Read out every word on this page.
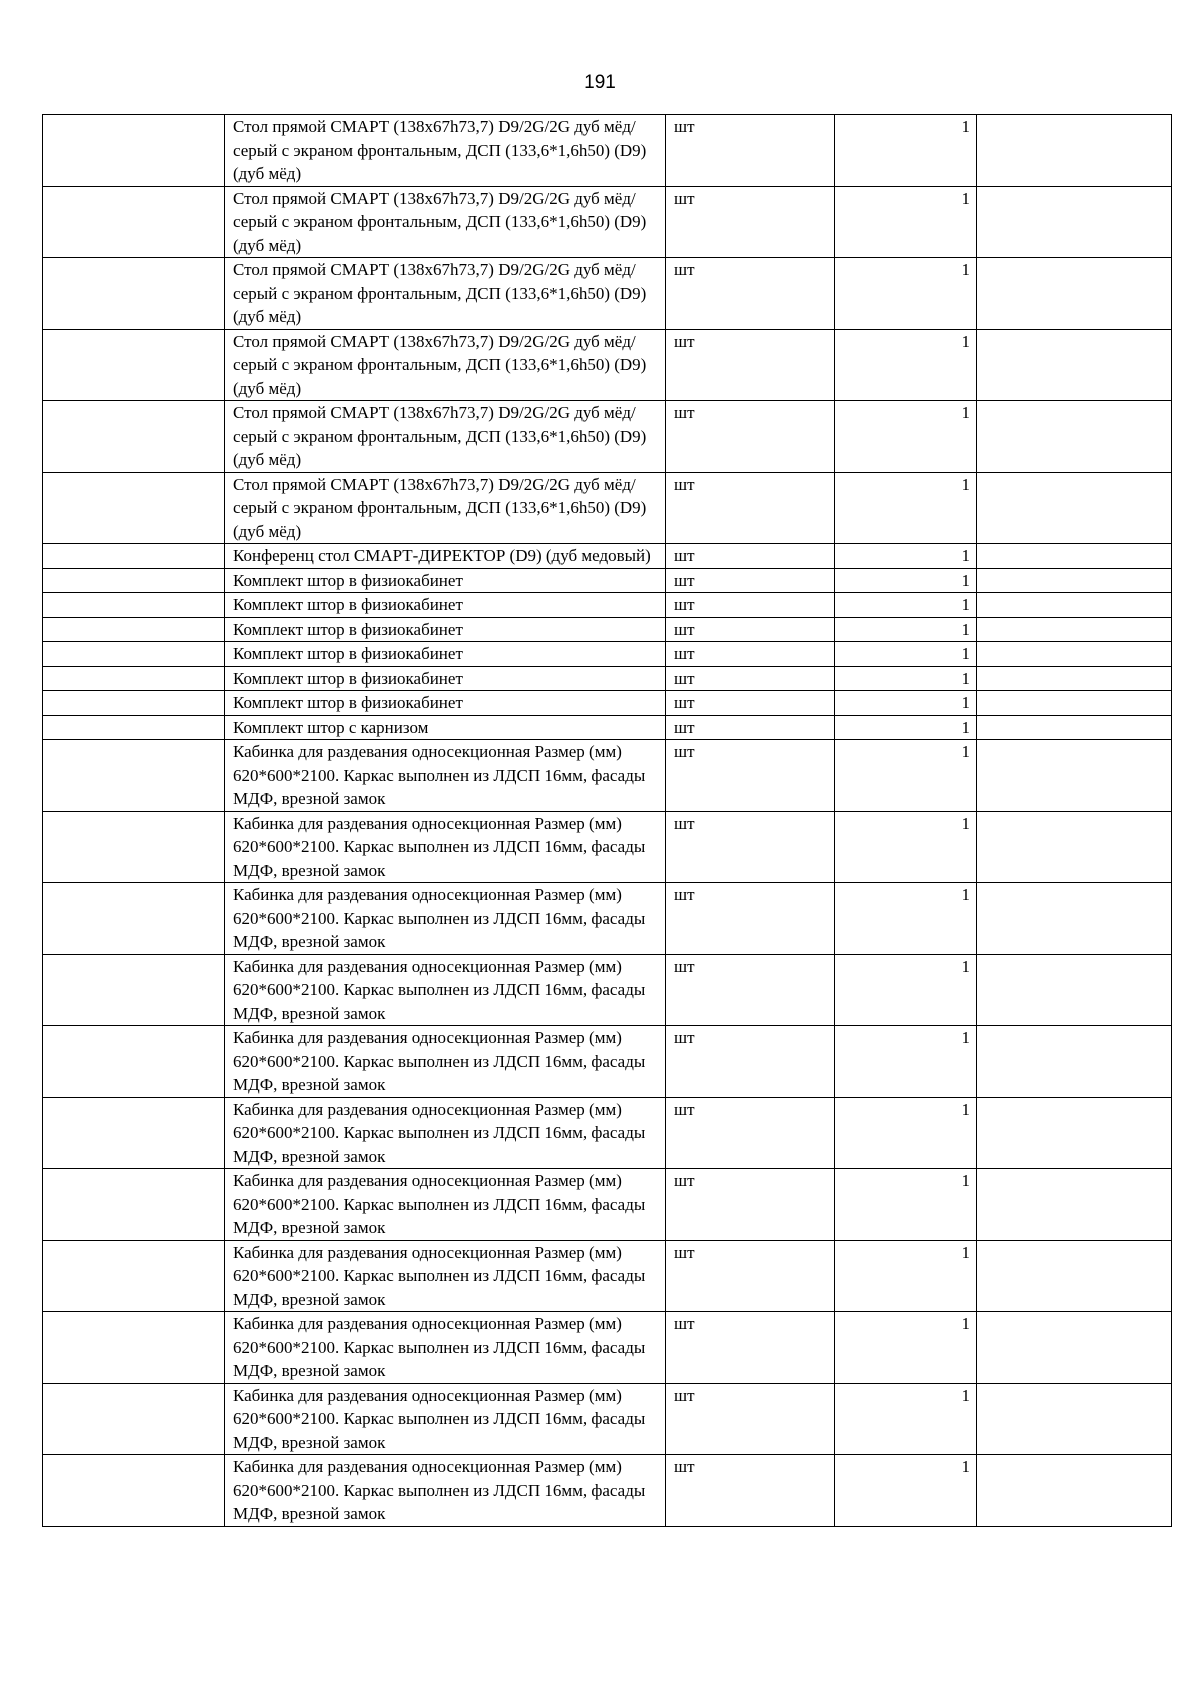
191
	Стол прямой СМАРТ (138х67h73,7) D9/2G/2G дуб мёд/серый с экраном фронтальным, ДСП (133,6*1,6h50) (D9)(дуб мёд)	шт	1	
	Стол прямой СМАРТ (138х67h73,7) D9/2G/2G дуб мёд/серый с экраном фронтальным, ДСП (133,6*1,6h50) (D9)(дуб мёд)	шт	1	
	Стол прямой СМАРТ (138х67h73,7) D9/2G/2G дуб мёд/серый с экраном фронтальным, ДСП (133,6*1,6h50) (D9)(дуб мёд)	шт	1	
	Стол прямой СМАРТ (138х67h73,7) D9/2G/2G дуб мёд/серый с экраном фронтальным, ДСП (133,6*1,6h50) (D9)(дуб мёд)	шт	1	
	Стол прямой СМАРТ (138х67h73,7) D9/2G/2G дуб мёд/серый с экраном фронтальным, ДСП (133,6*1,6h50) (D9)(дуб мёд)	шт	1	
	Стол прямой СМАРТ (138х67h73,7) D9/2G/2G дуб мёд/серый с экраном фронтальным, ДСП (133,6*1,6h50) (D9)(дуб мёд)	шт	1	
	Конференц стол СМАРТ-ДИРЕКТОР (D9) (дуб медовый)	шт	1	
	Комплект штор в физиокабинет	шт	1	
	Комплект штор в физиокабинет	шт	1	
	Комплект штор в физиокабинет	шт	1	
	Комплект штор в физиокабинет	шт	1	
	Комплект штор в физиокабинет	шт	1	
	Комплект штор в физиокабинет	шт	1	
	Комплект штор с карнизом	шт	1	
	Кабинка для раздевания односекционная Размер (мм) 620*600*2100. Каркас выполнен из ЛДСП 16мм, фасады МДФ, врезной замок	шт	1	
	Кабинка для раздевания односекционная Размер (мм) 620*600*2100. Каркас выполнен из ЛДСП 16мм, фасады МДФ, врезной замок	шт	1	
	Кабинка для раздевания односекционная Размер (мм) 620*600*2100. Каркас выполнен из ЛДСП 16мм, фасады МДФ, врезной замок	шт	1	
	Кабинка для раздевания односекционная Размер (мм) 620*600*2100. Каркас выполнен из ЛДСП 16мм, фасады МДФ, врезной замок	шт	1	
	Кабинка для раздевания односекционная Размер (мм) 620*600*2100. Каркас выполнен из ЛДСП 16мм, фасады МДФ, врезной замок	шт	1	
	Кабинка для раздевания односекционная Размер (мм) 620*600*2100. Каркас выполнен из ЛДСП 16мм, фасады МДФ, врезной замок	шт	1	
	Кабинка для раздевания односекционная Размер (мм) 620*600*2100. Каркас выполнен из ЛДСП 16мм, фасады МДФ, врезной замок	шт	1	
	Кабинка для раздевания односекционная Размер (мм) 620*600*2100. Каркас выполнен из ЛДСП 16мм, фасады МДФ, врезной замок	шт	1	
	Кабинка для раздевания односекционная Размер (мм) 620*600*2100. Каркас выполнен из ЛДСП 16мм, фасады МДФ, врезной замок	шт	1	
	Кабинка для раздевания односекционная Размер (мм) 620*600*2100. Каркас выполнен из ЛДСП 16мм, фасады МДФ, врезной замок	шт	1	
	Кабинка для раздевания односекционная Размер (мм) 620*600*2100. Каркас выполнен из ЛДСП 16мм, фасады МДФ, врезной замок	шт	1	
